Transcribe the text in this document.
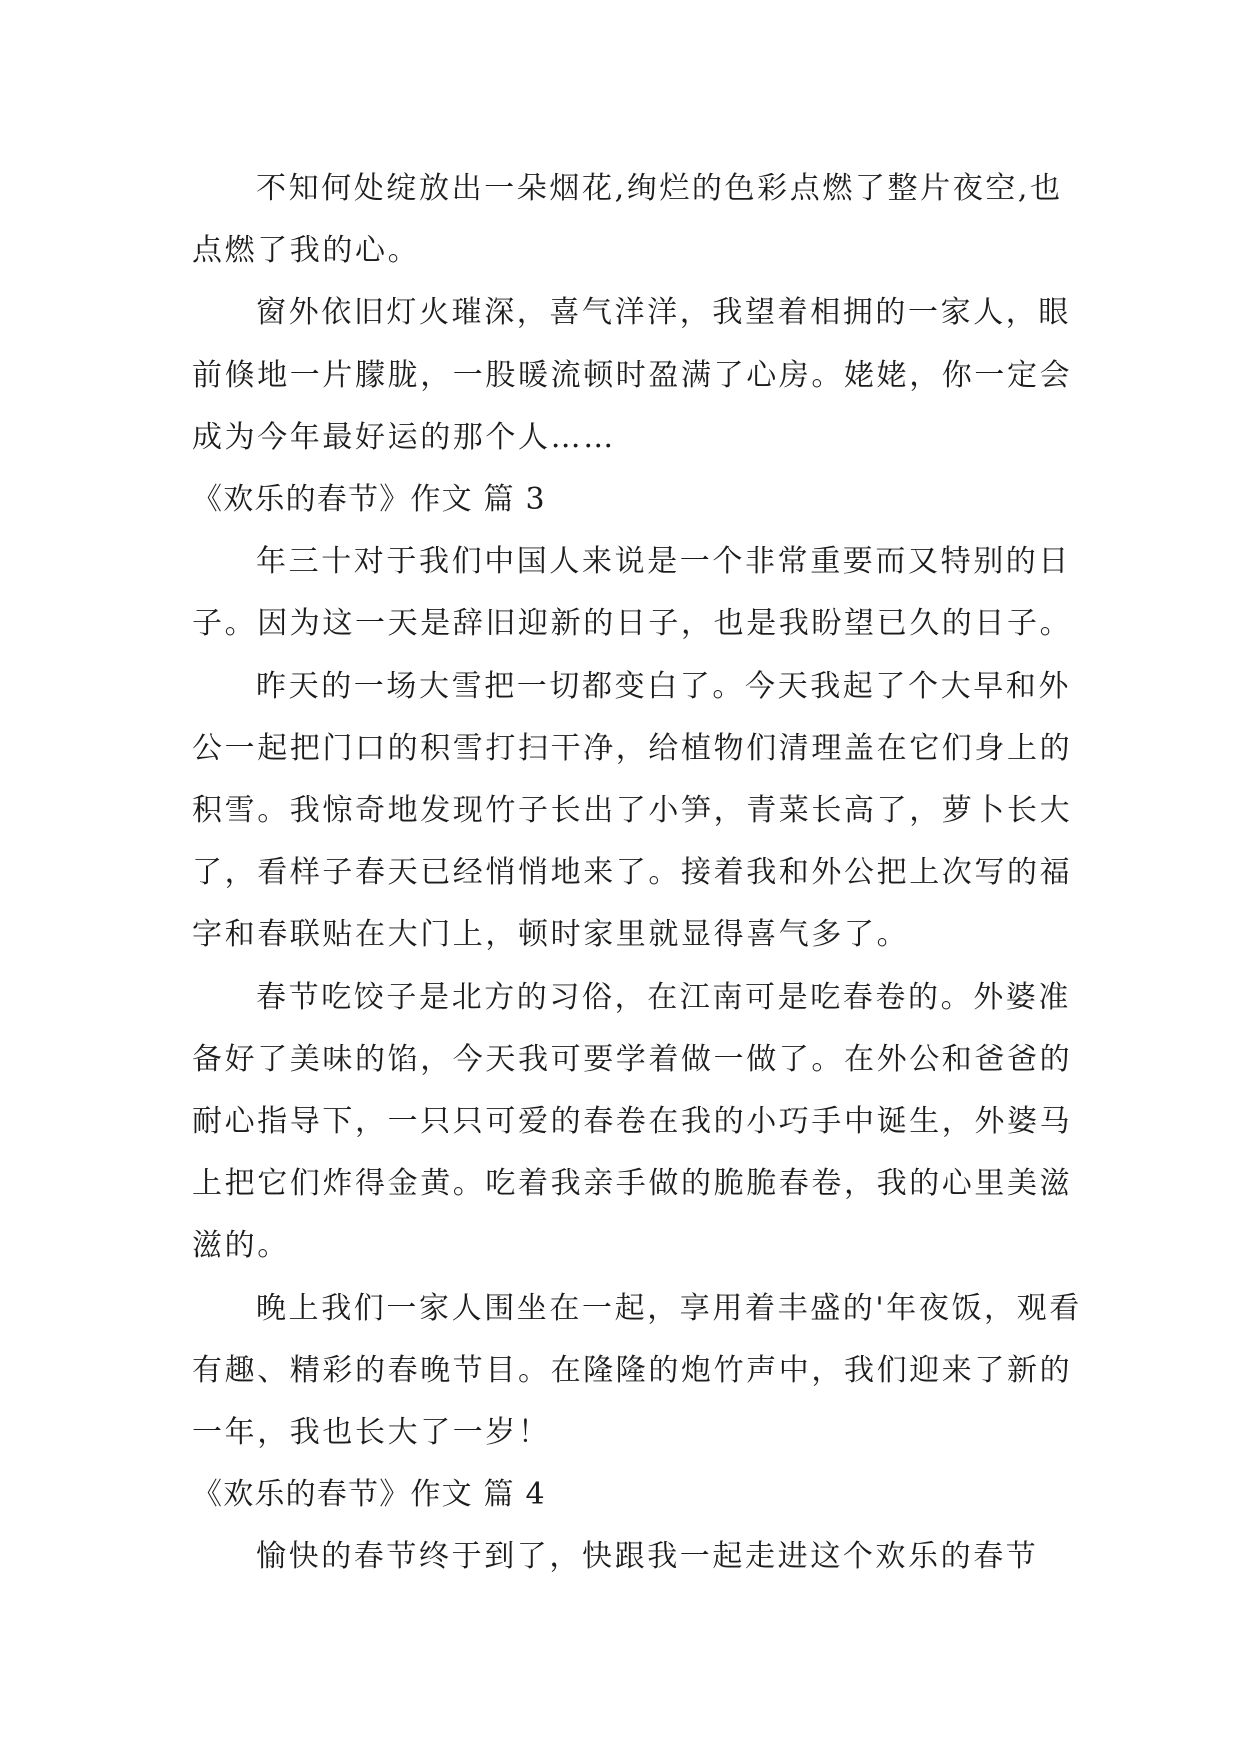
不知何处绽放出一朵烟花,绚烂的色彩点燃了整片夜空,也点燃了我的心。

窗外依旧灯火璀深，喜气洋洋，我望着相拥的一家人，眼前倏地一片朦胧，一股暖流顿时盈满了心房。姥姥，你一定会成为今年最好运的那个人……

《欢乐的春节》作文 篇 3

年三十对于我们中国人来说是一个非常重要而又特别的日子。因为这一天是辞旧迎新的日子，也是我盼望已久的日子。

昨天的一场大雪把一切都变白了。今天我起了个大早和外公一起把门口的积雪打扫干净，给植物们清理盖在它们身上的积雪。我惊奇地发现竹子长出了小笋，青菜长高了，萝卜长大了，看样子春天已经悄悄地来了。接着我和外公把上次写的福字和春联贴在大门上，顿时家里就显得喜气多了。

春节吃饺子是北方的习俗，在江南可是吃春卷的。外婆准备好了美味的馅，今天我可要学着做一做了。在外公和爸爸的耐心指导下，一只只可爱的春卷在我的小巧手中诞生，外婆马上把它们炸得金黄。吃着我亲手做的脆脆春卷，我的心里美滋滋的。

晚上我们一家人围坐在一起，享用着丰盛的'年夜饭，观看有趣、精彩的春晚节目。在隆隆的炮竹声中，我们迎来了新的一年，我也长大了一岁！

《欢乐的春节》作文 篇 4

愉快的春节终于到了，快跟我一起走进这个欢乐的春节
